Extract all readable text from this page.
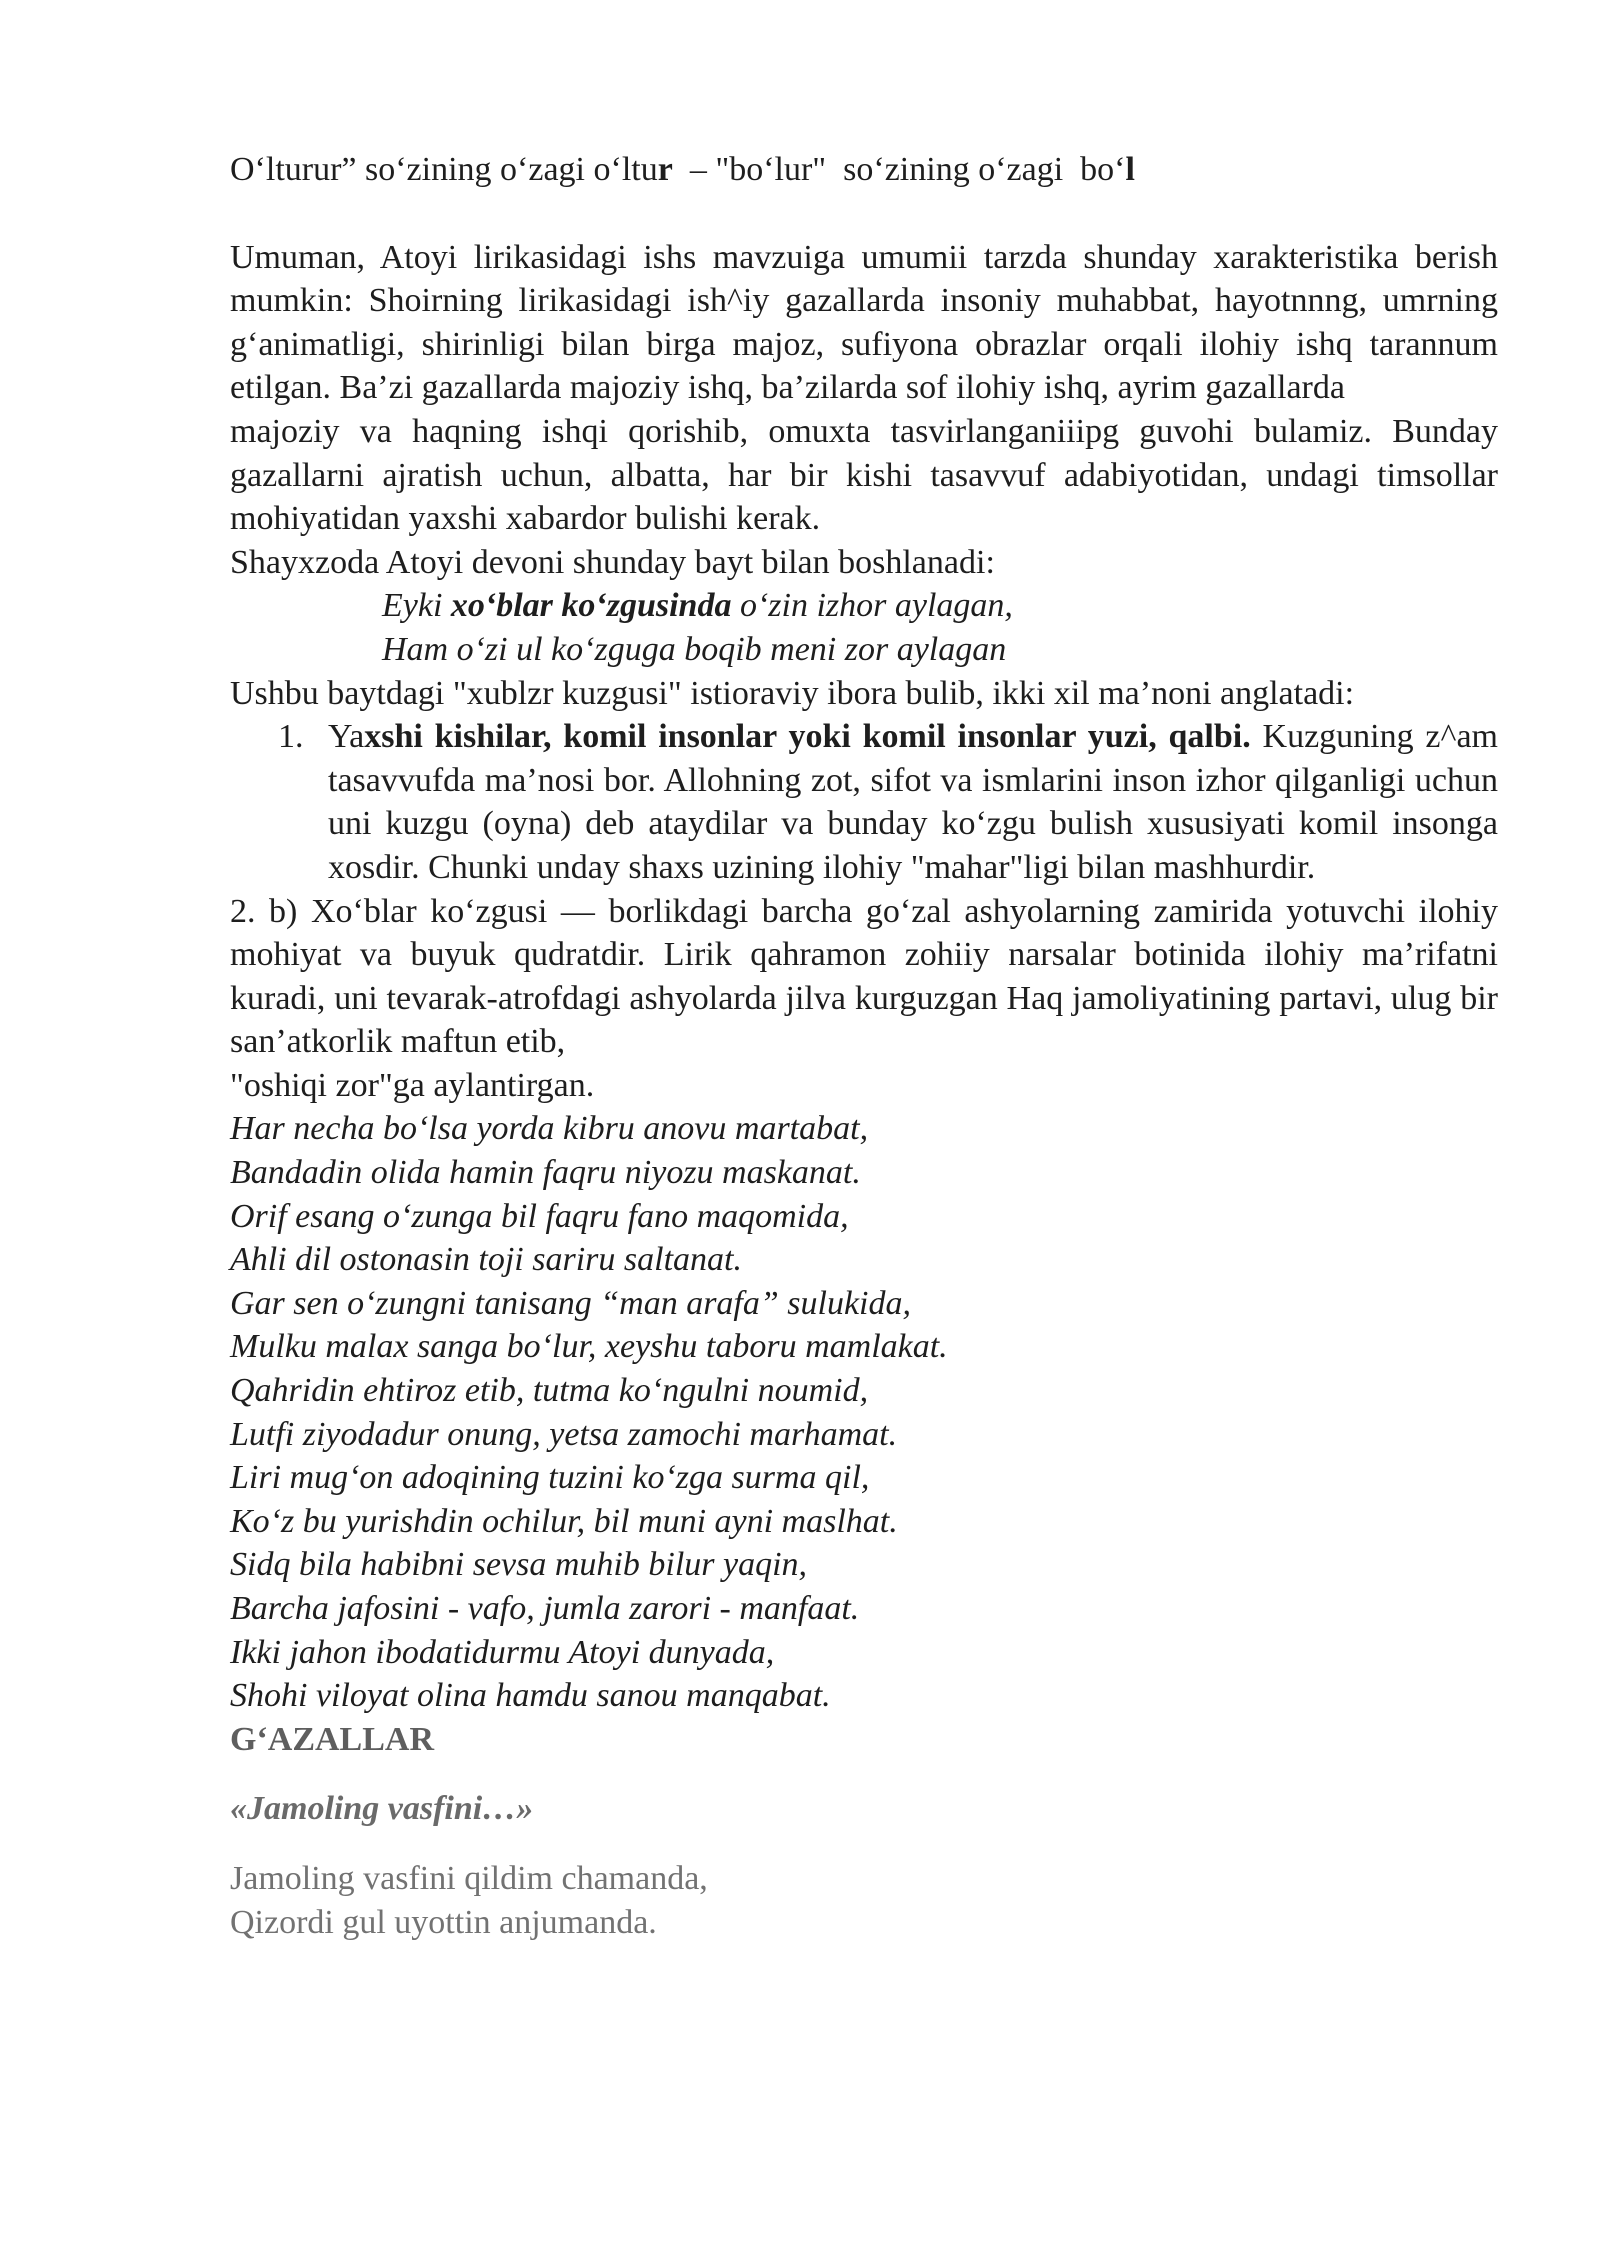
O‘lturur” so‘zining o‘zagi o‘ltur  – "bo‘lur"  so‘zining o‘zagi  bo‘l
Umuman, Atoyi lirikasidagi ishs mavzuiga umumii tarzda shunday xarakteristika berish mumkin: Shoirning lirikasidagi ish^iy gazallarda insoniy muhabbat, hayotnnng, umrning g‘animatligi, shirinligi bilan birga majoz, sufiyona obrazlar orqali ilohiy ishq tarannum etilgan. Ba’zi gazallarda majoziy ishq, ba’zilarda sof ilohiy ishq, ayrim gazallarda
majoziy va haqning ishqi qorishib, omuxta tasvirlanganiiipg guvohi bulamiz. Bunday gazallarni ajratish uchun, albatta, har bir kishi tasavvuf adabiyotidan, undagi timsollar mohiyatidan yaxshi xabardor bulishi kerak.
Shayxzoda Atoyi devoni shunday bayt bilan boshlanadi:
Eyki xo‘blar ko‘zgusinda o‘zin izhor aylagan,
Ham o‘zi ul ko‘zguga boqib meni zor aylagan
Ushbu baytdagi "xublzr kuzgusi" istioraviy ibora bulib, ikki xil ma’noni anglatadi:
1. Yaxshi kishilar, komil insonlar yoki komil insonlar yuzi, qalbi. Kuzguning z^am tasavvufda ma’nosi bor. Allohning zot, sifot va ismlarini inson izhor qilganligi uchun uni kuzgu (oyna) deb ataydilar va bunday ko‘zgu bulish xususiyati komil insonga xosdir. Chunki unday shaxs uzining ilohiy "mahar"ligi bilan mashhurdir.
2. b) Xo‘blar ko‘zgusi — borlikdagi barcha go‘zal ashyolarning zamirida yotuvchi ilohiy mohiyat va buyuk qudratdir. Lirik qahramon zohiiy narsalar botinida ilohiy ma’rifatni kuradi, uni tevarak-atrofdagi ashyolarda jilva kurguzgan Haq jamoliyatining partavi, ulug bir san’atkorlik maftun etib,
"oshiqi zor"ga aylantirgan.
Har necha bo‘lsa yorda kibru anovu martabat,
Bandadin olida hamin faqru niyozu maskanat.
Orif esang o‘zunga bil faqru fano maqomida,
Ahli dil ostonasin toji sariru saltanat.
Gar sen o‘zungni tanisang “man arafa” sulukida,
Mulku malax sanga bo‘lur, xeyshu taboru mamlakat.
Qahridin ehtiroz etib, tutma ko‘ngulni noumid,
Lutfi ziyodadur onung, yetsa zamochi marhamat.
Liri mug‘on adoqining tuzini ko‘zga surma qil,
Ko‘z bu yurishdin ochilur, bil muni ayni maslhat.
Sidq bila habibni sevsa muhib bilur yaqin,
Barcha jafosini - vafo, jumla zarori - manfaat.
Ikki jahon ibodatidurmu Atoyi dunyada,
Shohi viloyat olina hamdu sanou manqabat.
G‘AZALLAR
«Jamoling vasfini…»
Jamoling vasfini qildim chamanda,
Qizordi gul uyottin anjumanda.
